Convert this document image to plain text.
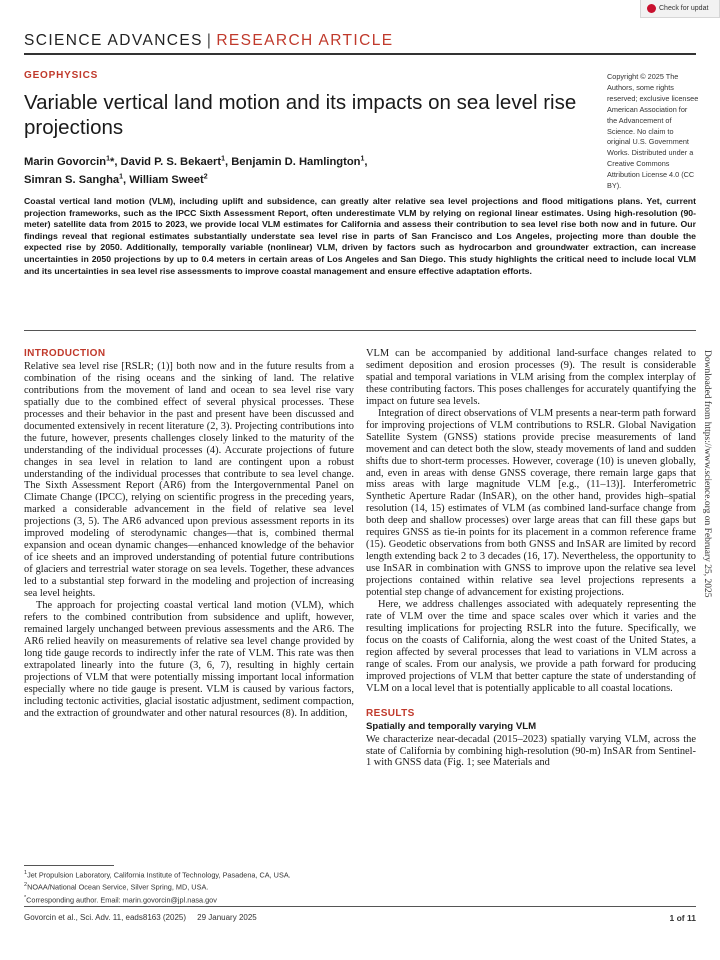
Check for updat
SCIENCE ADVANCES | RESEARCH ARTICLE
GEOPHYSICS
Variable vertical land motion and its impacts on sea level rise projections
Marin Govorcin$^1$*, David P. S. Bekaert$^1$, Benjamin D. Hamlington$^1$,
Simran S. Sangha$^1$, William Sweet$^2$
Copyright © 2025 The Authors, some rights reserved; exclusive licensee American Association for the Advancement of Science. No claim to original U.S. Government Works. Distributed under a Creative Commons Attribution License 4.0 (CC BY).
Coastal vertical land motion (VLM), including uplift and subsidence, can greatly alter relative sea level projections and flood mitigations plans. Yet, current projection frameworks, such as the IPCC Sixth Assessment Report, often underestimate VLM by relying on regional linear estimates. Using high-resolution (90-meter) satellite data from 2015 to 2023, we provide local VLM estimates for California and assess their contribution to sea level rise both now and in future. Our findings reveal that regional estimates substantially understate sea level rise in parts of San Francisco and Los Angeles, projecting more than double the expected rise by 2050. Additionally, temporally variable (nonlinear) VLM, driven by factors such as hydrocarbon and groundwater extraction, can increase uncertainties in 2050 projections by up to 0.4 meters in certain areas of Los Angeles and San Diego. This study highlights the critical need to include local VLM and its uncertainties in sea level rise assessments to improve coastal management and ensure effective adaptation efforts.
INTRODUCTION

Relative sea level rise [RSLR; (1)] both now and in the future results from a combination of the rising oceans and the sinking of land. The relative contributions from the movement of land and ocean to sea level rise vary spatially due to the combined effect of several physical processes. These processes and their behavior in the past and present have been discussed and documented extensively in recent literature (2, 3). Projecting contributions into the future, however, presents challenges closely linked to the maturity of the understanding of the individual processes (4). Accurate projections of future changes in sea level in relation to land are contingent upon a robust understanding of the individual processes that contribute to sea level change. The Sixth Assessment Report (AR6) from the Intergovernmental Panel on Climate Change (IPCC), relying on scientific progress in the preceding years, marked a considerable advancement in the field of relative sea level projections (3, 5). The AR6 advanced upon previous assessment reports in its improved modeling of sterodynamic changes—that is, combined thermal expansion and ocean dynamic changes—enhanced knowledge of the behavior of ice sheets and an improved understanding of potential future contributions of glaciers and terrestrial water storage on sea levels. Together, these advances led to a substantial step forward in the modeling and projection of increasing sea level heights.

The approach for projecting coastal vertical land motion (VLM), which refers to the combined contribution from subsidence and uplift, however, remained largely unchanged between previous assessments and the AR6. The AR6 relied heavily on measurements of relative sea level change provided by long tide gauge records to indirectly infer the rate of VLM. This rate was then extrapolated linearly into the future (3, 6, 7), resulting in highly certain projections of VLM that were potentially missing important local information especially where no tide gauge is present. VLM is caused by various factors, including tectonic activities, glacial isostatic adjustment, sediment compaction, and the extraction of groundwater and other natural resources (8). In addition,

VLM can be accompanied by additional land-surface changes related to sediment deposition and erosion processes (9). The result is considerable spatial and temporal variations in VLM arising from the complex interplay of these contributing factors. This poses challenges for accurately quantifying the impact on future sea levels.

Integration of direct observations of VLM presents a near-term path forward for improving projections of VLM contributions to RSLR. Global Navigation Satellite System (GNSS) stations provide precise measurements of land movement and can detect both the slow, steady movements of land and sudden shifts due to short-term processes. However, coverage (10) is uneven globally, and, even in areas with dense GNSS coverage, there remain large gaps that miss areas with large magnitude VLM [e.g., (11–13)]. Interferometric Synthetic Aperture Radar (InSAR), on the other hand, provides high–spatial resolution (14, 15) estimates of VLM (as combined land-surface change from both deep and shallow processes) over large areas that can fill these gaps but requires GNSS as tie-in points for its placement in a common reference frame (15). Geodetic observations from both GNSS and InSAR are limited by record length extending back 2 to 3 decades (16, 17). Nevertheless, the opportunity to use InSAR in combination with GNSS to improve upon the relative sea level projections contained within relative sea level projections represents a potential step change of advancement for existing projections.

Here, we address challenges associated with adequately representing the rate of VLM over the time and space scales over which it varies and the resulting implications for projecting RSLR into the future. Specifically, we focus on the coasts of California, along the west coast of the United States, a region affected by several processes that lead to variations in VLM across a range of scales. From our analysis, we provide a path forward for producing improved projections of VLM that better capture the state of understanding of VLM on a local level that is potentially applicable to all coastal locations.

RESULTS
Spatially and temporally varying VLM

We characterize near-decadal (2015–2023) spatially varying VLM, across the state of California by combining high-resolution (90-m) InSAR from Sentinel-1 with GNSS data (Fig. 1; see Materials and

Downloaded from https://www.science.org on February 25, 2025
$^1$Jet Propulsion Laboratory, California Institute of Technology, Pasadena, CA, USA.
$^2$NOAA/National Ocean Service, Silver Spring, MD, USA.
*Corresponding author. Email: marin.govorcin@jpl.nasa.gov
Govorcin et al., Sci. Adv. 11, eads8163 (2025)     29 January 2025	1 of 11
